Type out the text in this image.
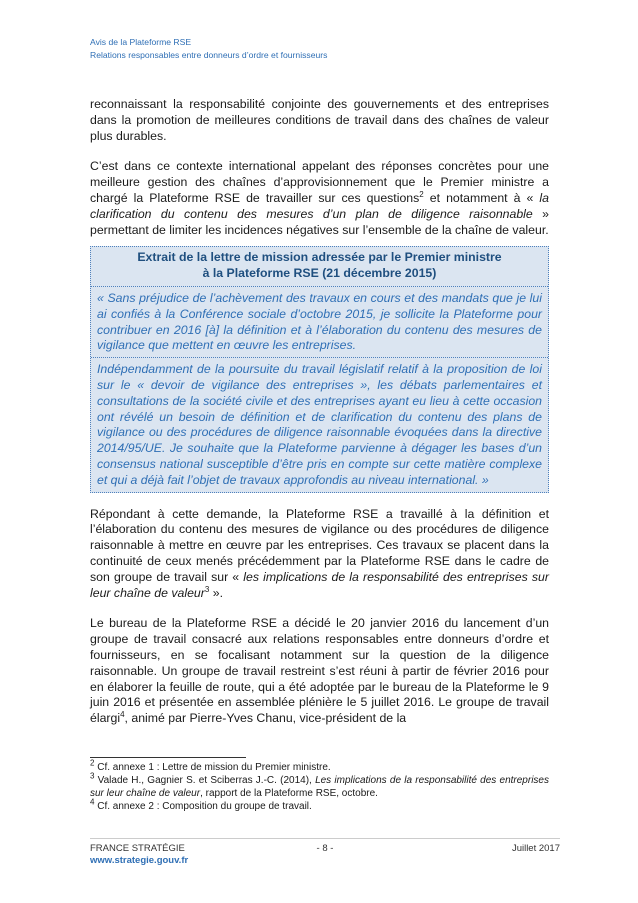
Avis de la Plateforme RSE
Relations responsables entre donneurs d’ordre et fournisseurs

reconnaissant la responsabilité conjointe des gouvernements et des entreprises dans la promotion de meilleures conditions de travail dans des chaînes de valeur plus durables.

C’est dans ce contexte international appelant des réponses concrètes pour une meilleure gestion des chaînes d’approvisionnement que le Premier ministre a chargé la Plateforme RSE de travailler sur ces questions$^2$ et notamment à « la clarification du contenu des mesures d’un plan de diligence raisonnable » permettant de limiter les incidences négatives sur l’ensemble de la chaîne de valeur.

Extrait de la lettre de mission adressée par le Premier ministre
à la Plateforme RSE (21 décembre 2015)
« Sans préjudice de l’achèvement des travaux en cours et des mandats que je lui ai confiés à la Conférence sociale d’octobre 2015, je sollicite la Plateforme pour contribuer en 2016 [à] la définition et à l’élaboration du contenu des mesures de vigilance que mettent en œuvre les entreprises.
Indépendamment de la poursuite du travail législatif relatif à la proposition de loi sur le « devoir de vigilance des entreprises », les débats parlementaires et consultations de la société civile et des entreprises ayant eu lieu à cette occasion ont révélé un besoin de définition et de clarification du contenu des plans de vigilance ou des procédures de diligence raisonnable évoquées dans la directive 2014/95/UE. Je souhaite que la Plateforme parvienne à dégager les bases d’un consensus national susceptible d’être pris en compte sur cette matière complexe et qui a déjà fait l’objet de travaux approfondis au niveau international. »

Répondant à cette demande, la Plateforme RSE a travaillé à la définition et l’élaboration du contenu des mesures de vigilance ou des procédures de diligence raisonnable à mettre en œuvre par les entreprises. Ces travaux se placent dans la continuité de ceux menés précédemment par la Plateforme RSE dans le cadre de son groupe de travail sur « les implications de la responsabilité des entreprises sur leur chaîne de valeur$^3$ ».

Le bureau de la Plateforme RSE a décidé le 20 janvier 2016 du lancement d’un groupe de travail consacré aux relations responsables entre donneurs d’ordre et fournisseurs, en se focalisant notamment sur la question de la diligence raisonnable. Un groupe de travail restreint s’est réuni à partir de février 2016 pour en élaborer la feuille de route, qui a été adoptée par le bureau de la Plateforme le 9 juin 2016 et présentée en assemblée plénière le 5 juillet 2016. Le groupe de travail élargi$^4$, animé par Pierre-Yves Chanu, vice-président de la

$^2$ Cf. annexe 1 : Lettre de mission du Premier ministre.
$^3$ Valade H., Gagnier S. et Sciberras J.-C. (2014), Les implications de la responsabilité des entreprises sur leur chaîne de valeur, rapport de la Plateforme RSE, octobre.
$^4$ Cf. annexe 2 : Composition du groupe de travail.
- 8 -
FRANCE STRATÉGIE	Juillet 2017
www.strategie.gouv.fr
